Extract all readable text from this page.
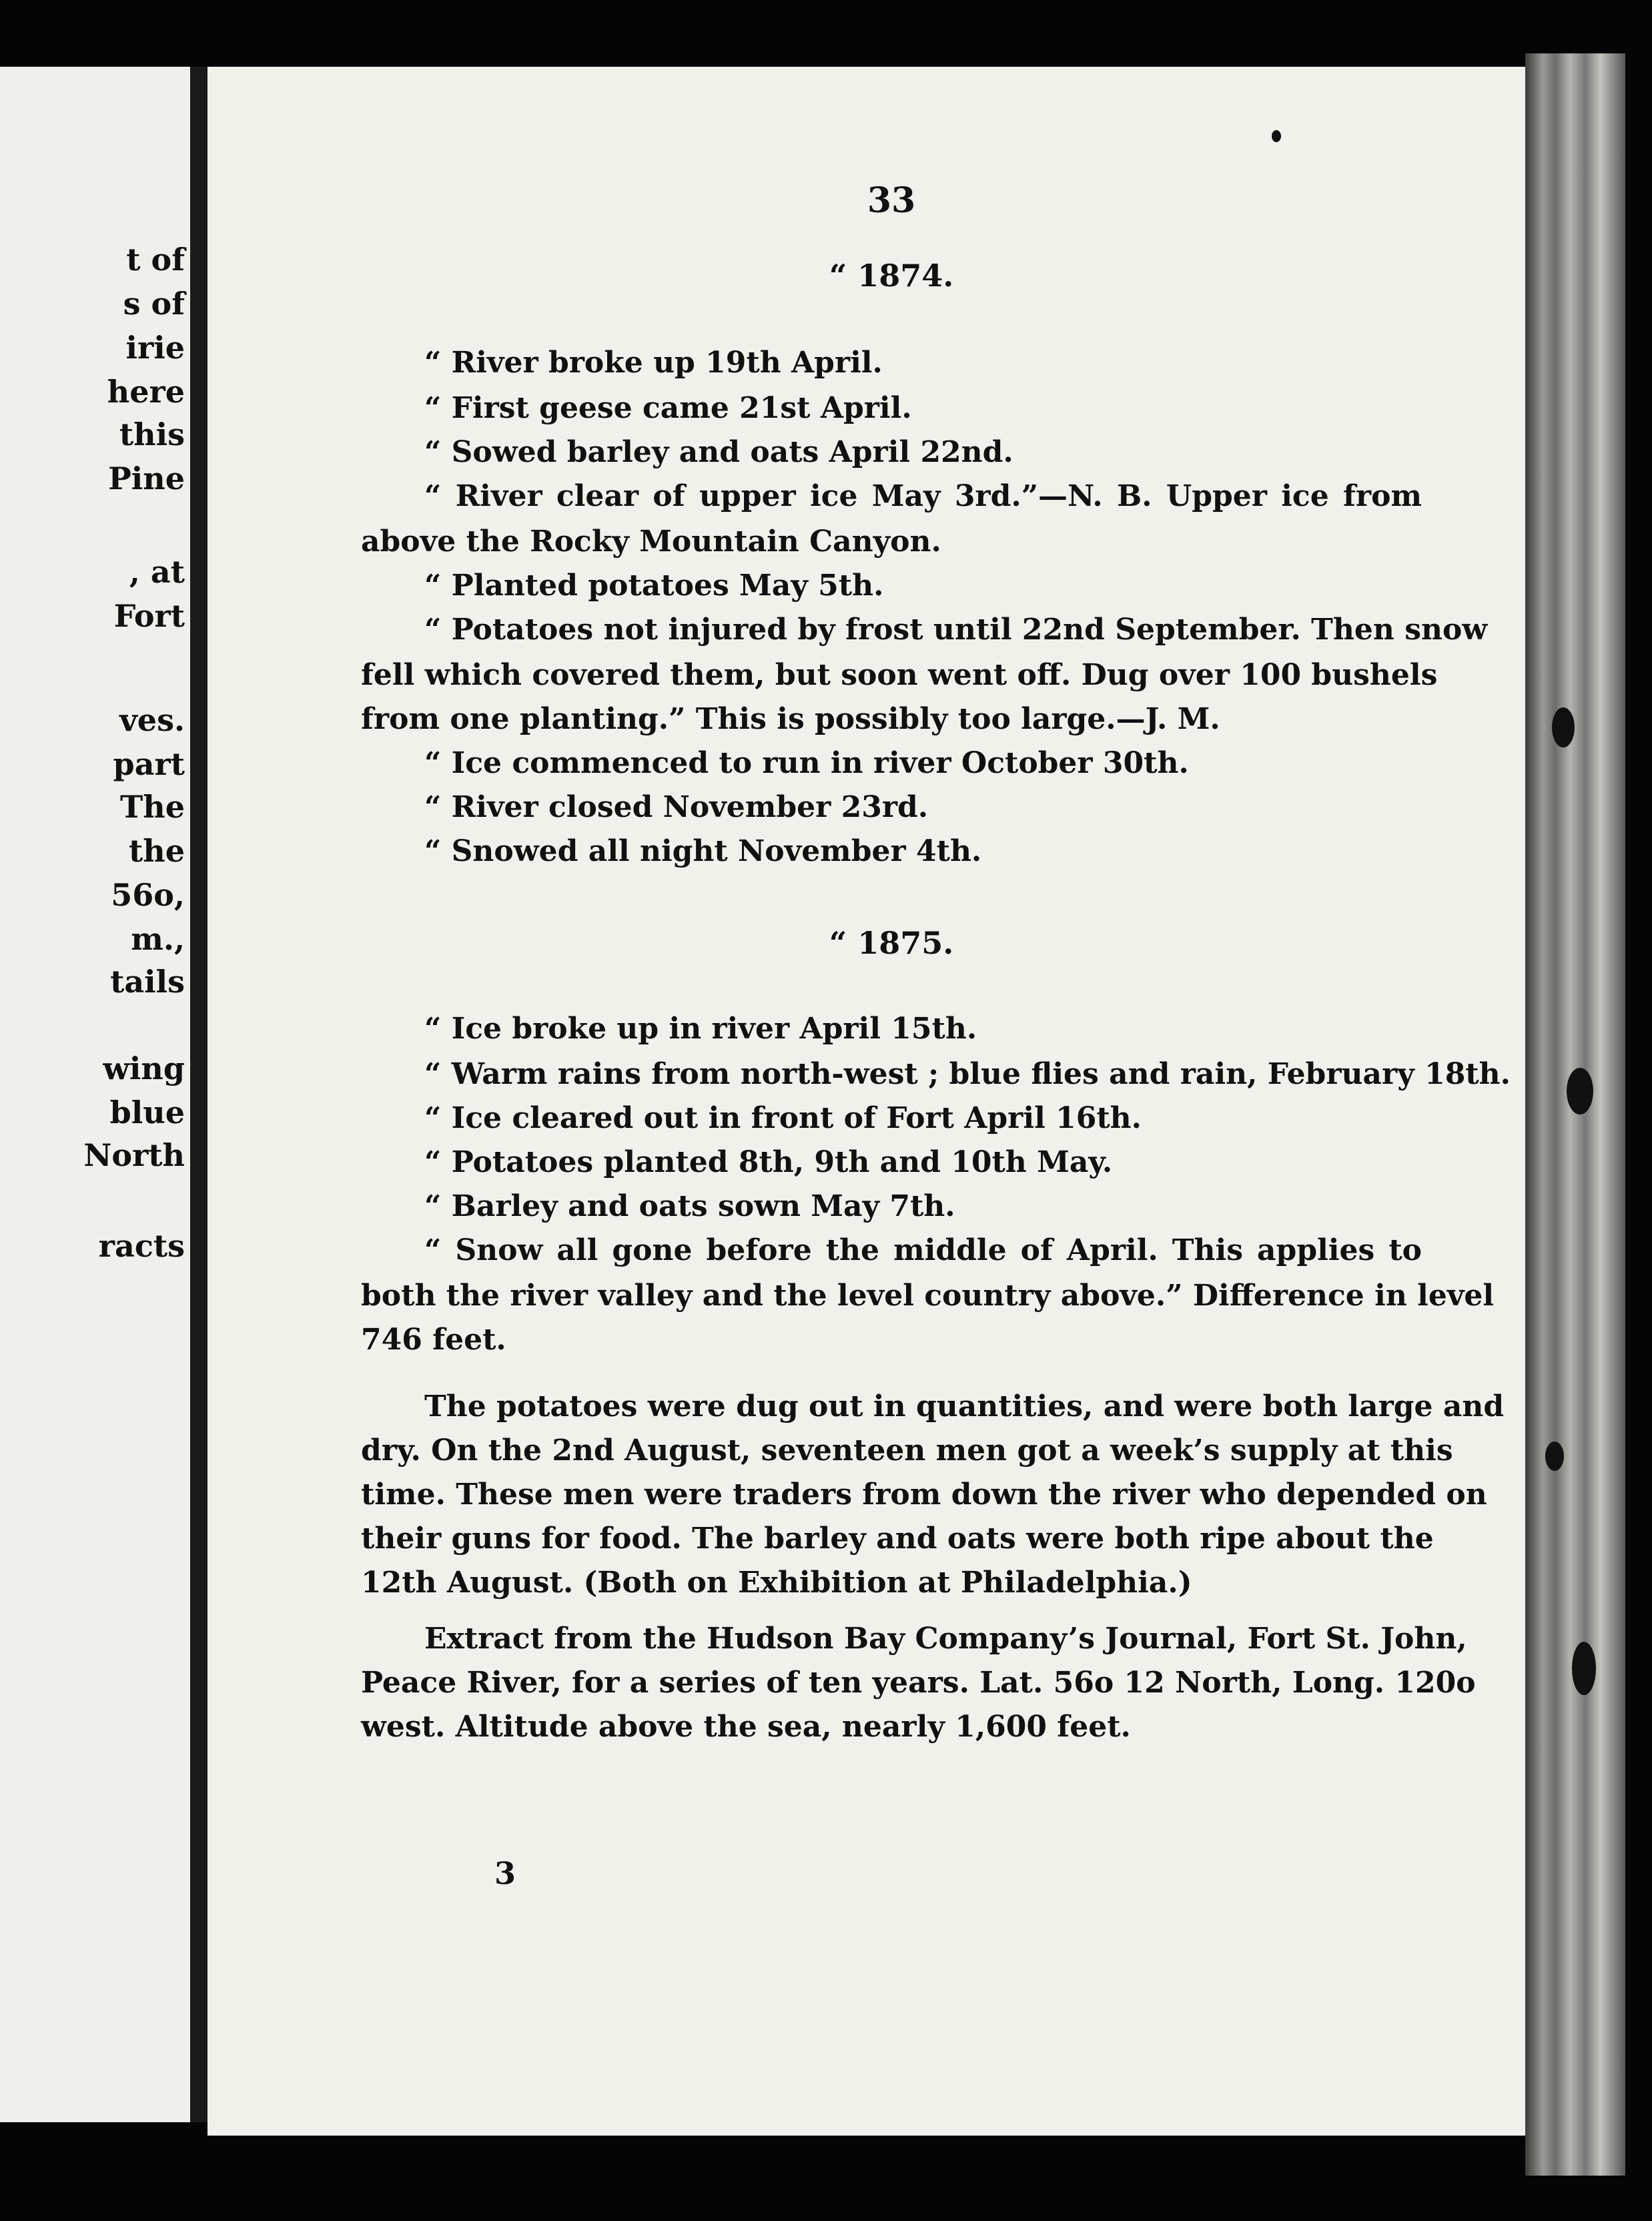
t of

s of

irie

here

this

Pine

, at

Fort

ves.

part

The

the

56o,

m.,

tails

wing

blue

North

racts

33

“ 1874.

“ River broke up 19th April.

“ First geese came 21st April.

“ Sowed barley and oats April 22nd.

“ River clear of upper ice May 3rd.”—N. B. Upper ice from

above the Rocky Mountain Canyon.

“ Planted potatoes May 5th.

“ Potatoes not injured by frost until 22nd September. Then snow

fell which covered them, but soon went off. Dug over 100 bushels

from one planting.” This is possibly too large.—J. M.

“ Ice commenced to run in river October 30th.

“ River closed November 23rd.

“ Snowed all night November 4th.

“ 1875.

“ Ice broke up in river April 15th.

“ Warm rains from north-west ; blue flies and rain, February 18th.

“ Ice cleared out in front of Fort April 16th.

“ Potatoes planted 8th, 9th and 10th May.

“ Barley and oats sown May 7th.

“ Snow all gone before the middle of April. This applies to

both the river valley and the level country above.” Difference in level

746 feet.

The potatoes were dug out in quantities, and were both large and

dry. On the 2nd August, seventeen men got a week’s supply at this

time. These men were traders from down the river who depended on

their guns for food. The barley and oats were both ripe about the

12th August. (Both on Exhibition at Philadelphia.)

Extract from the Hudson Bay Company’s Journal, Fort St. John,

Peace River, for a series of ten years. Lat. 56o 12 North, Long. 120o

west. Altitude above the sea, nearly 1,600 feet.

3
